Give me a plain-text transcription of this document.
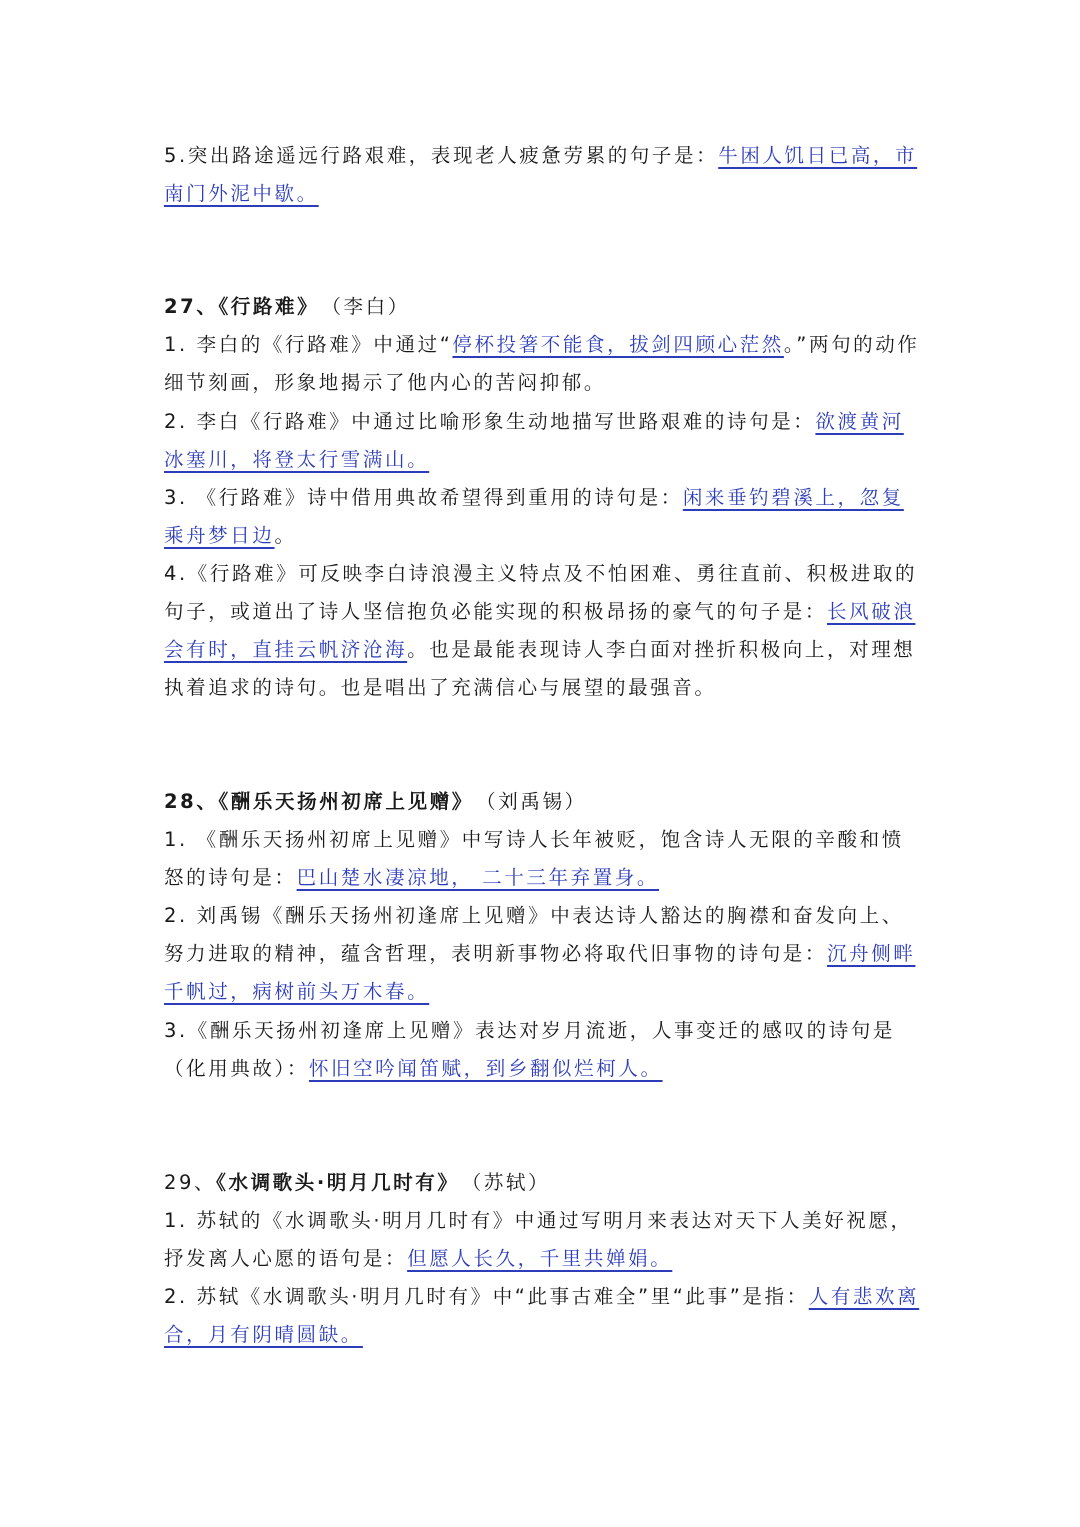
5.突出路途遥远行路艰难，表现老人疲惫劳累的句子是：牛困人饥日已高，市南门外泥中歇。

27、《行路难》 （李白）

1. 李白的《行路难》中通过“停杯投箸不能食，拔剑四顾心茫然。”两句的动作细节刻画，形象地揭示了他内心的苦闷抑郁。

2. 李白《行路难》中通过比喻形象生动地描写世路艰难的诗句是：欲渡黄河冰塞川，将登太行雪满山。

3. 《行路难》诗中借用典故希望得到重用的诗句是：闲来垂钓碧溪上，忽复乘舟梦日边。

4.《行路难》可反映李白诗浪漫主义特点及不怕困难、勇往直前、积极进取的句子，或道出了诗人坚信抱负必能实现的积极昂扬的豪气的句子是：长风破浪会有时，直挂云帆济沧海。也是最能表现诗人李白面对挫折积极向上，对理想执着追求的诗句。也是唱出了充满信心与展望的最强音。

28、《酬乐天扬州初席上见赠》 （刘禹锡）

1. 《酬乐天扬州初席上见赠》中写诗人长年被贬，饱含诗人无限的辛酸和愤怒的诗句是：巴山楚水凄凉地， 二十三年弃置身。

2. 刘禹锡《酬乐天扬州初逢席上见赠》中表达诗人豁达的胸襟和奋发向上、努力进取的精神，蕴含哲理，表明新事物必将取代旧事物的诗句是：沉舟侧畔千帆过，病树前头万木春。

3.《酬乐天扬州初逢席上见赠》表达对岁月流逝，人事变迁的感叹的诗句是（化用典故）：怀旧空吟闻笛赋，到乡翻似烂柯人。

29、《水调歌头·明月几时有》 （苏轼）

1. 苏轼的《水调歌头·明月几时有》中通过写明月来表达对天下人美好祝愿，抒发离人心愿的语句是：但愿人长久，千里共婵娟。

2. 苏轼《水调歌头·明月几时有》中“此事古难全”里“此事”是指：人有悲欢离合，月有阴晴圆缺。
